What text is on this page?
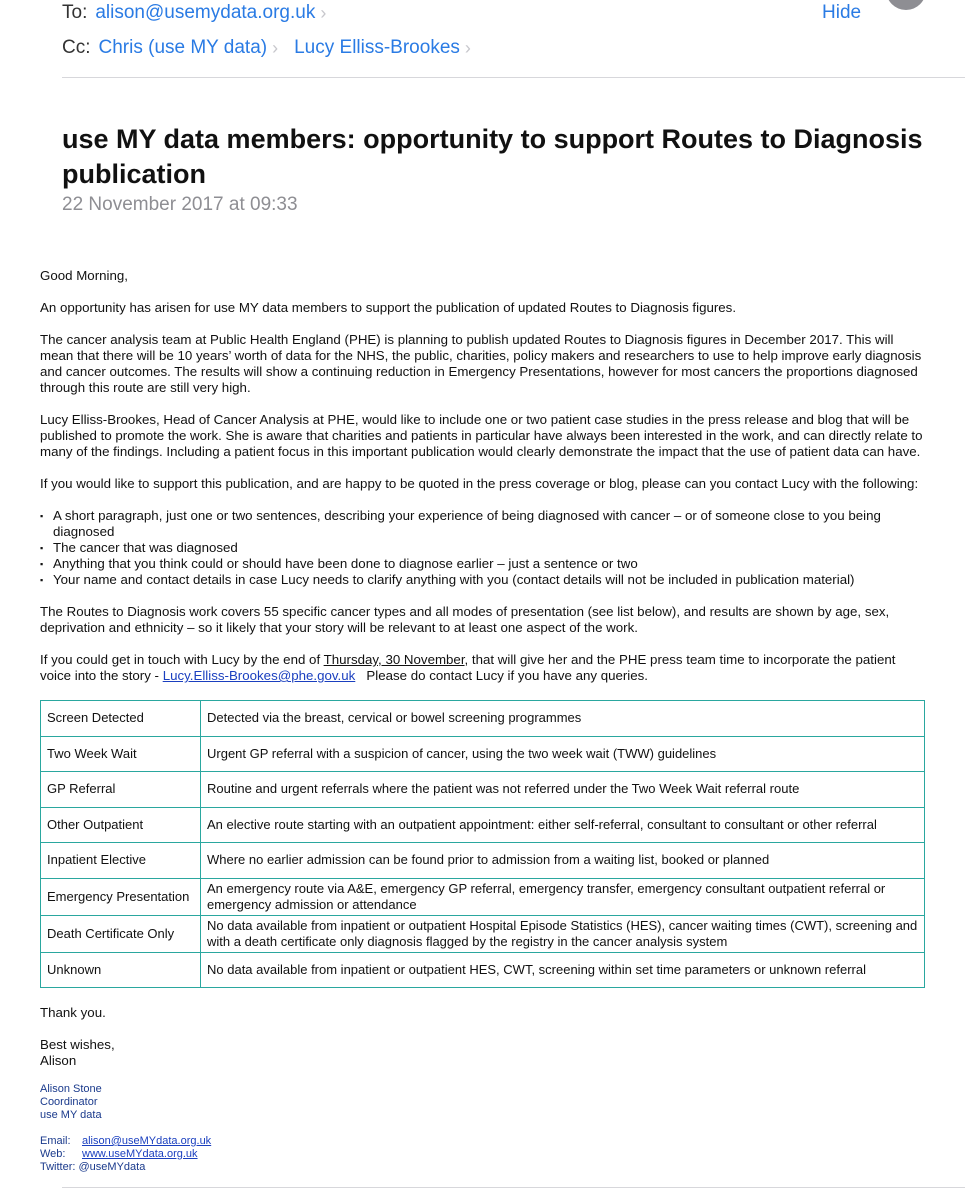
To: alison@usemydata.org.uk ›	Hide
Cc: Chris (use MY data) › Lucy Elliss-Brookes ›
use MY data members: opportunity to support Routes to Diagnosis publication
22 November 2017 at 09:33

Good Morning,

An opportunity has arisen for use MY data members to support the publication of updated Routes to Diagnosis figures.

The cancer analysis team at Public Health England (PHE) is planning to publish updated Routes to Diagnosis figures in December 2017. This will mean that there will be 10 years’ worth of data for the NHS, the public, charities, policy makers and researchers to use to help improve early diagnosis and cancer outcomes. The results will show a continuing reduction in Emergency Presentations, however for most cancers the proportions diagnosed through this route are still very high.

Lucy Elliss-Brookes, Head of Cancer Analysis at PHE, would like to include one or two patient case studies in the press release and blog that will be published to promote the work. She is aware that charities and patients in particular have always been interested in the work, and can directly relate to many of the findings. Including a patient focus in this important publication would clearly demonstrate the impact that the use of patient data can have.

If you would like to support this publication, and are happy to be quoted in the press coverage or blog, please can you contact Lucy with the following:

▪ A short paragraph, just one or two sentences, describing your experience of being diagnosed with cancer – or of someone close to you being diagnosed
▪ The cancer that was diagnosed
▪ Anything that you think could or should have been done to diagnose earlier – just a sentence or two
▪ Your name and contact details in case Lucy needs to clarify anything with you (contact details will not be included in publication material)

The Routes to Diagnosis work covers 55 specific cancer types and all modes of presentation (see list below), and results are shown by age, sex, deprivation and ethnicity – so it likely that your story will be relevant to at least one aspect of the work.

If you could get in touch with Lucy by the end of Thursday, 30 November, that will give her and the PHE press team time to incorporate the patient voice into the story - Lucy.Elliss-Brookes@phe.gov.uk   Please do contact Lucy if you have any queries.

Screen Detected	Detected via the breast, cervical or bowel screening programmes
Two Week Wait	Urgent GP referral with a suspicion of cancer, using the two week wait (TWW) guidelines
GP Referral	Routine and urgent referrals where the patient was not referred under the Two Week Wait referral route
Other Outpatient	An elective route starting with an outpatient appointment: either self-referral, consultant to consultant or other referral
Inpatient Elective	Where no earlier admission can be found prior to admission from a waiting list, booked or planned
Emergency Presentation	An emergency route via A&E, emergency GP referral, emergency transfer, emergency consultant outpatient referral or emergency admission or attendance
Death Certificate Only	No data available from inpatient or outpatient Hospital Episode Statistics (HES), cancer waiting times (CWT), screening and with a death certificate only diagnosis flagged by the registry in the cancer analysis system
Unknown	No data available from inpatient or outpatient HES, CWT, screening within set time parameters or unknown referral

Thank you.

Best wishes,
Alison

Alison Stone
Coordinator
use MY data
Email: alison@useMYdata.org.uk
Web: www.useMYdata.org.uk
Twitter: @useMYdata
